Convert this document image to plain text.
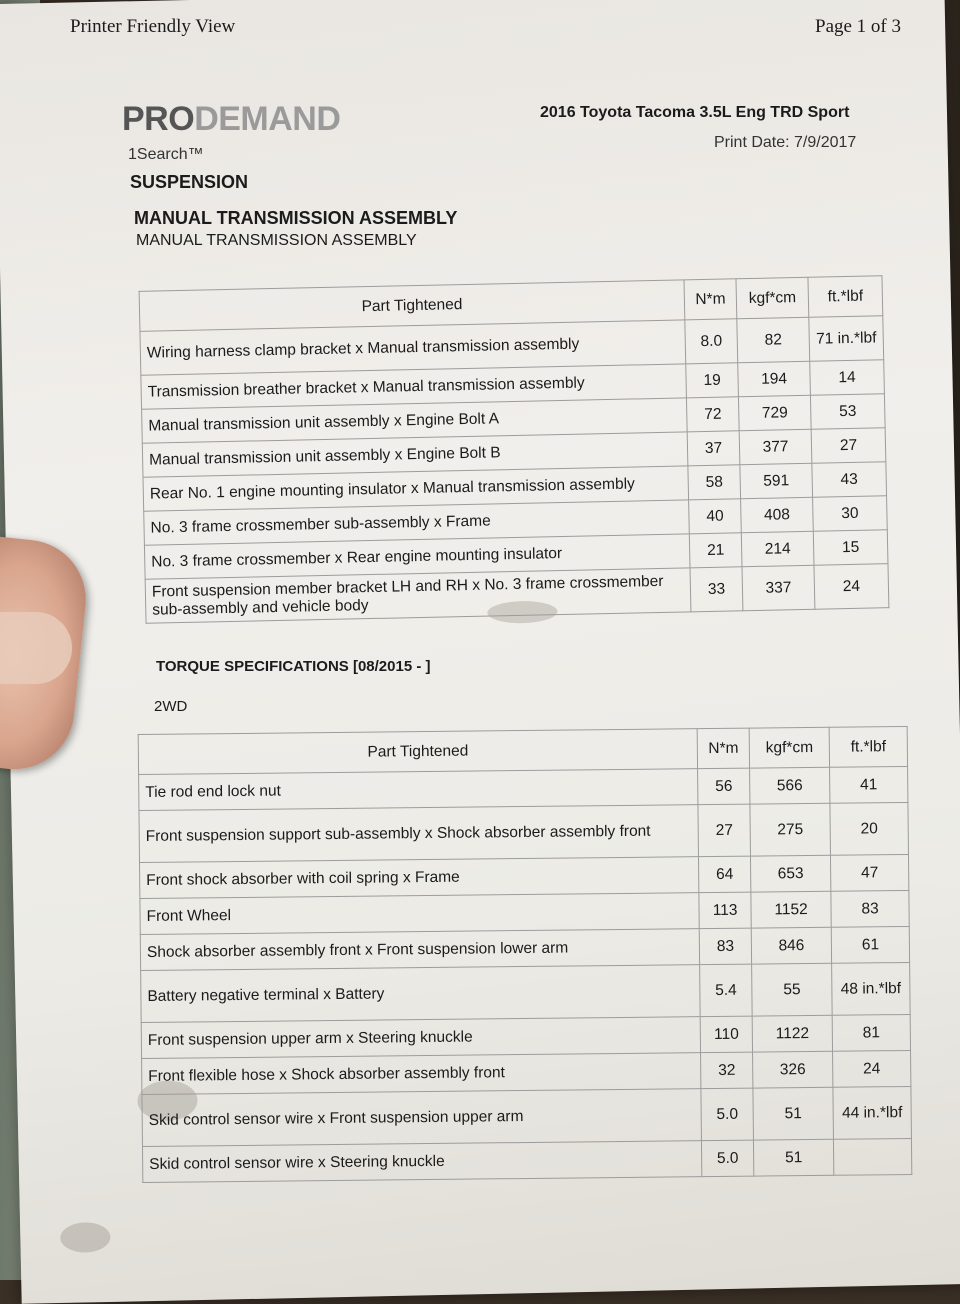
Printer Friendly View	Page 1 of 3
PRODEMAND
1Search™
SUSPENSION
2016 Toyota Tacoma 3.5L Eng TRD Sport
Print Date: 7/9/2017
MANUAL TRANSMISSION ASSEMBLY
MANUAL TRANSMISSION ASSEMBLY
Part Tightened	N*m	kgf*cm	ft.*lbf
Wiring harness clamp bracket x Manual transmission assembly	8.0	82	71 in.*lbf
Transmission breather bracket x Manual transmission assembly	19	194	14
Manual transmission unit assembly x Engine Bolt A	72	729	53
Manual transmission unit assembly x Engine Bolt B	37	377	27
Rear No. 1 engine mounting insulator x Manual transmission assembly	58	591	43
No. 3 frame crossmember sub-assembly x Frame	40	408	30
No. 3 frame crossmember x Rear engine mounting insulator	21	214	15
Front suspension member bracket LH and RH x No. 3 frame crossmember sub-assembly and vehicle body	33	337	24
TORQUE SPECIFICATIONS [08/2015 - ]
2WD
Part Tightened	N*m	kgf*cm	ft.*lbf
Tie rod end lock nut	56	566	41
Front suspension support sub-assembly x Shock absorber assembly front	27	275	20
Front shock absorber with coil spring x Frame	64	653	47
Front Wheel	113	1152	83
Shock absorber assembly front x Front suspension lower arm	83	846	61
Battery negative terminal x Battery	5.4	55	48 in.*lbf
Front suspension upper arm x Steering knuckle	110	1122	81
Front flexible hose x Shock absorber assembly front	32	326	24
Skid control sensor wire x Front suspension upper arm	5.0	51	44 in.*lbf
Skid control sensor wire x Steering knuckle	5.0	51	
